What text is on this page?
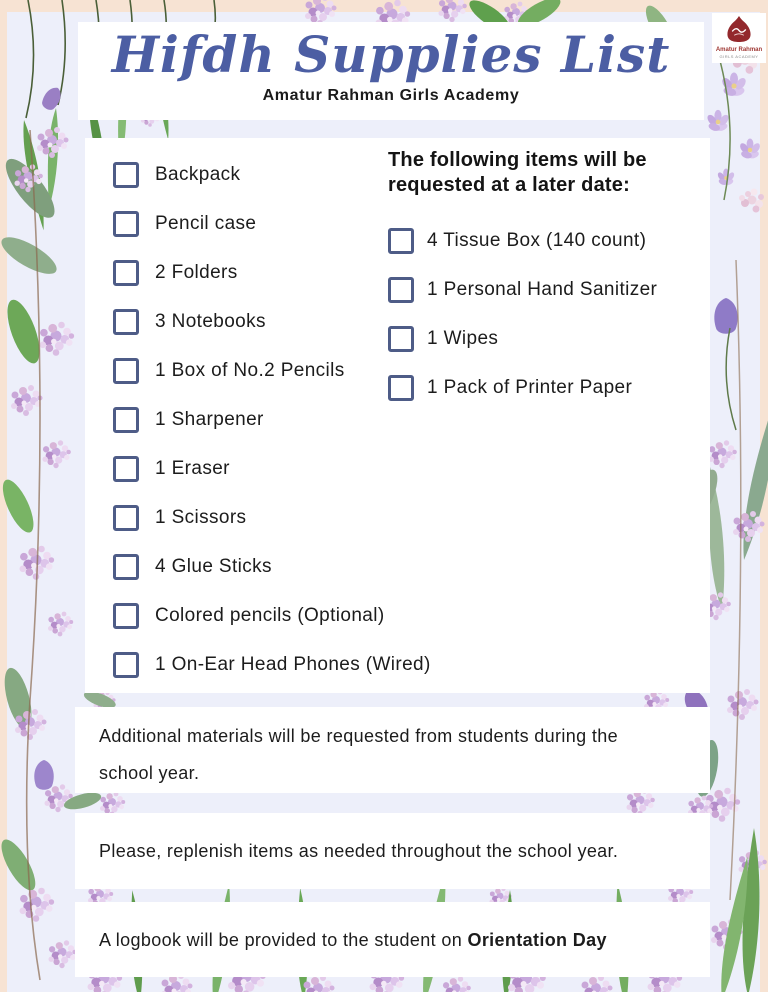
Hifdh Supplies List
Amatur Rahman Girls Academy
Amatur Rahman
GIRLS ACADEMY
Backpack
Pencil case
2 Folders
3 Notebooks
1 Box of No.2 Pencils
1 Sharpener
1 Eraser
1 Scissors
4 Glue Sticks
Colored pencils (Optional)
1 On-Ear Head Phones (Wired)
The following items will be requested at a later date:
4 Tissue Box (140 count)
1 Personal Hand Sanitizer
1 Wipes
1 Pack of Printer Paper
Additional materials will be requested from students during the school year.
Please, replenish items as needed throughout the school year.
A logbook will be provided to the student on Orientation Day
